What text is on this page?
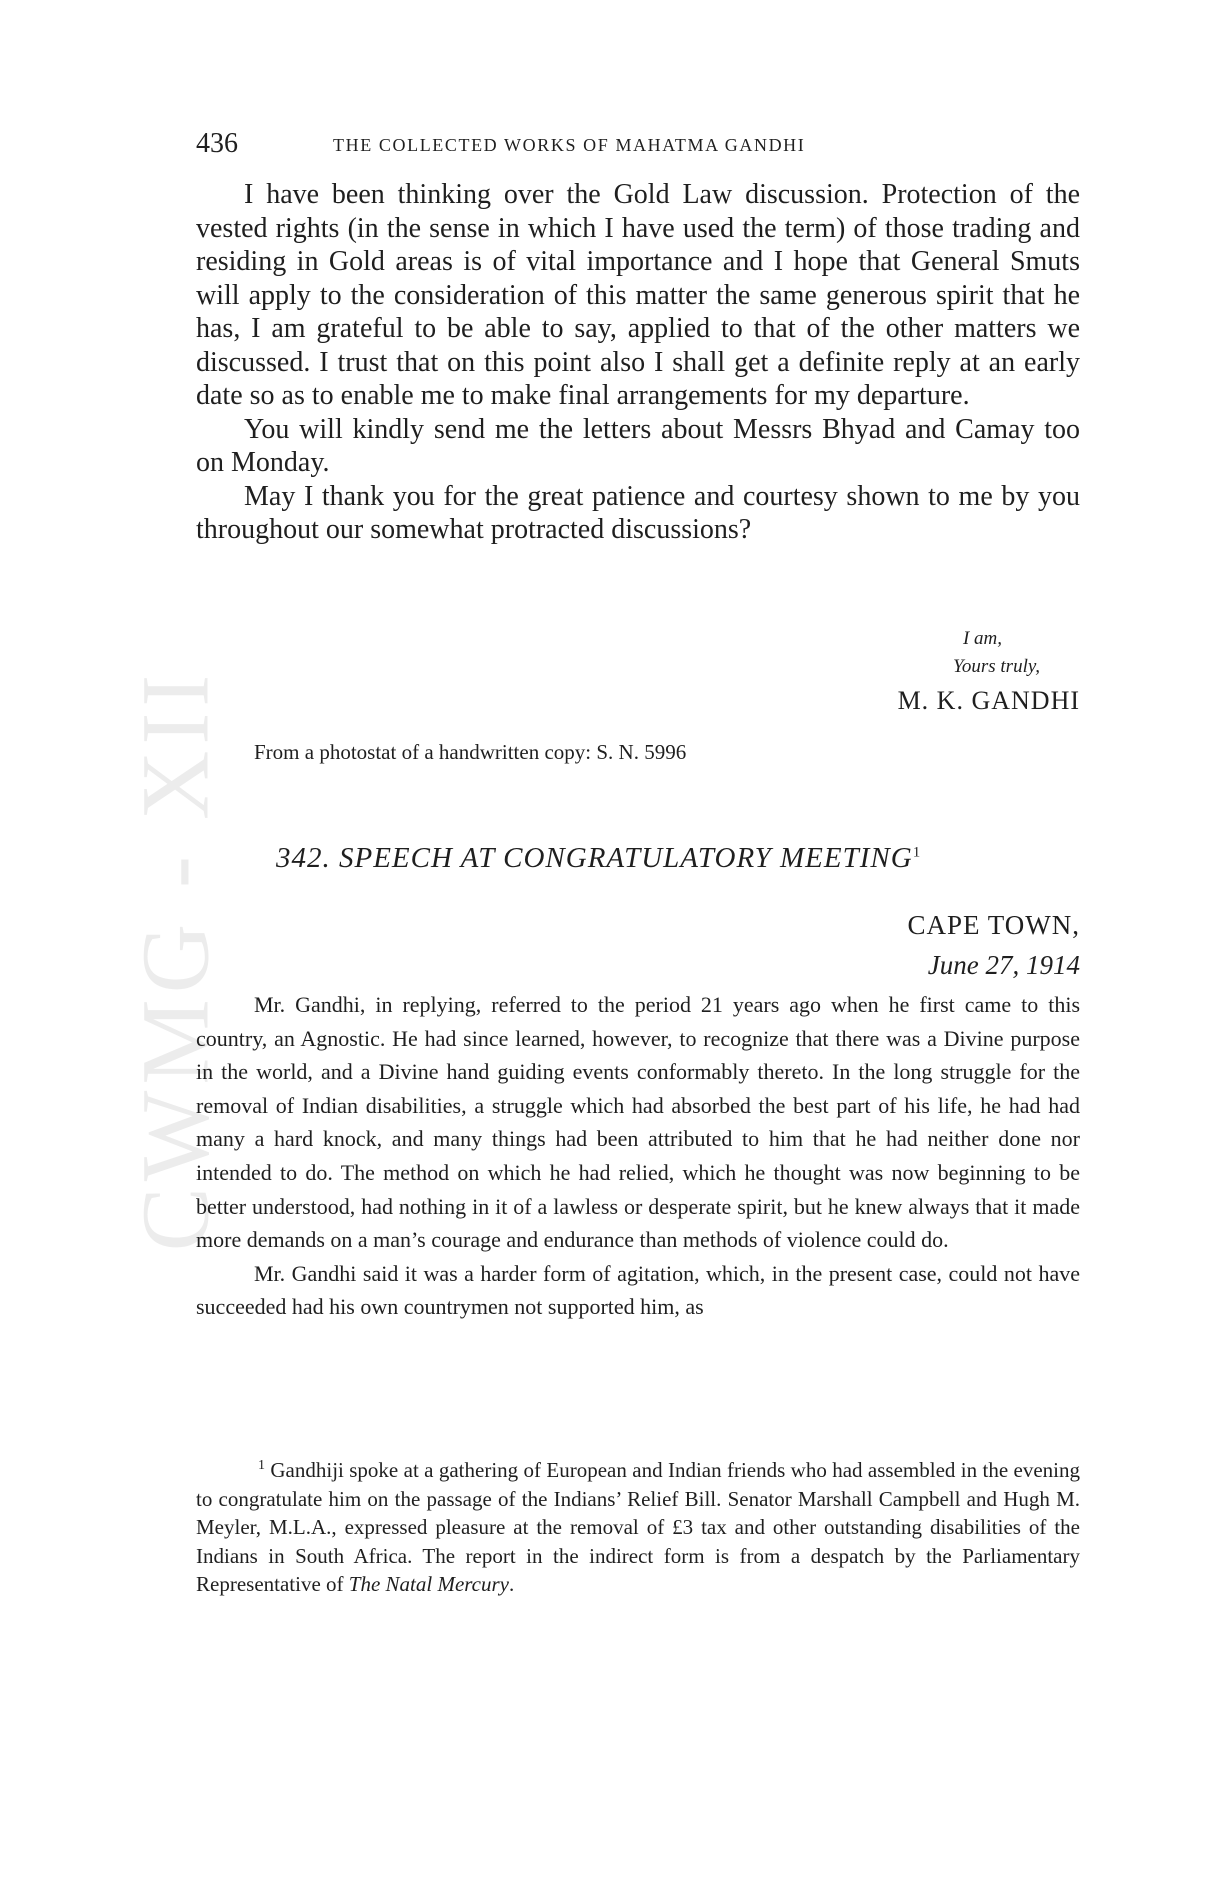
CWMG - XII
436	THE COLLECTED WORKS OF MAHATMA GANDHI

I have been thinking over the Gold Law discussion. Protection of the vested rights (in the sense in which I have used the term) of those trading and residing in Gold areas is of vital importance and I hope that General Smuts will apply to the consideration of this matter the same generous spirit that he has, I am grateful to be able to say, applied to that of the other matters we discussed. I trust that on this point also I shall get a definite reply at an early date so as to enable me to make final arrangements for my departure.

You will kindly send me the letters about Messrs Bhyad and Camay too on Monday.

May I thank you for the great patience and courtesy shown to me by you throughout our somewhat protracted discussions?

I am,
Yours truly,
M. K. GANDHI
From a photostat of a handwritten copy: S. N. 5996
342. SPEECH AT CONGRATULATORY MEETING$^1$
CAPE TOWN,
June 27, 1914

Mr. Gandhi, in replying, referred to the period 21 years ago when he first came to this country, an Agnostic. He had since learned, however, to recognize that there was a Divine purpose in the world, and a Divine hand guiding events conformably thereto. In the long struggle for the removal of Indian disabilities, a struggle which had absorbed the best part of his life, he had had many a hard knock, and many things had been attributed to him that he had neither done nor intended to do. The method on which he had relied, which he thought was now beginning to be better understood, had nothing in it of a lawless or desperate spirit, but he knew always that it made more demands on a man’s courage and endurance than methods of violence could do.

Mr. Gandhi said it was a harder form of agitation, which, in the present case, could not have succeeded had his own countrymen not supported him, as

$^1$ Gandhiji spoke at a gathering of European and Indian friends who had assembled in the evening to congratulate him on the passage of the Indians’ Relief Bill. Senator Marshall Campbell and Hugh M. Meyler, M.L.A., expressed pleasure at the removal of £3 tax and other outstanding disabilities of the Indians in South Africa. The report in the indirect form is from a despatch by the Parliamentary Representative of The Natal Mercury.
